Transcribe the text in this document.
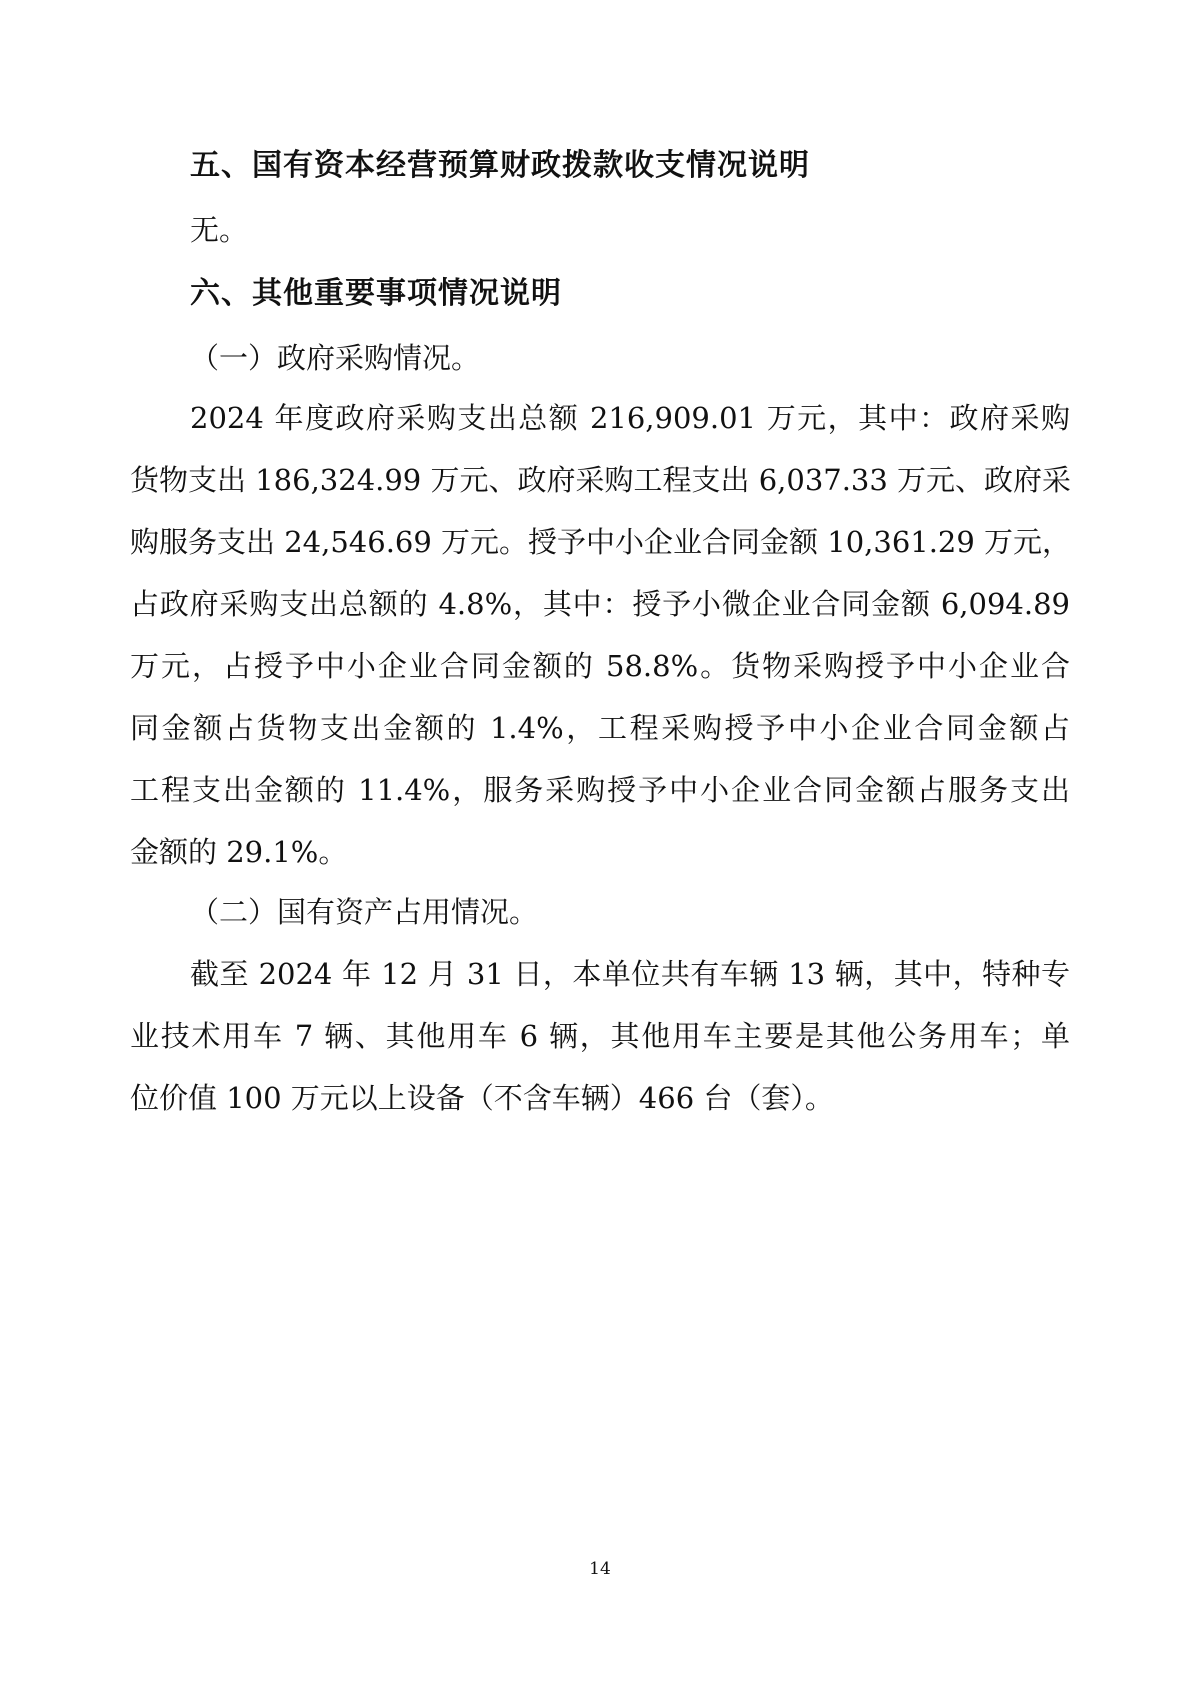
五、国有资本经营预算财政拨款收支情况说明
无。
六、其他重要事项情况说明
（一）政府采购情况。
2024 年度政府采购支出总额 216,909.01 万元，其中：政府采购
货物支出 186,324.99 万元、政府采购工程支出 6,037.33 万元、政府采
购服务支出 24,546.69 万元。授予中小企业合同金额 10,361.29 万元，
占政府采购支出总额的 4.8%，其中：授予小微企业合同金额 6,094.89
万元，占授予中小企业合同金额的 58.8%。货物采购授予中小企业合
同金额占货物支出金额的 1.4%，工程采购授予中小企业合同金额占
工程支出金额的 11.4%，服务采购授予中小企业合同金额占服务支出
金额的 29.1%。
（二）国有资产占用情况。
截至 2024 年 12 月 31 日，本单位共有车辆 13 辆，其中，特种专
业技术用车 7 辆、其他用车 6 辆，其他用车主要是其他公务用车；单
位价值 100 万元以上设备（不含车辆）466 台（套）。
14
